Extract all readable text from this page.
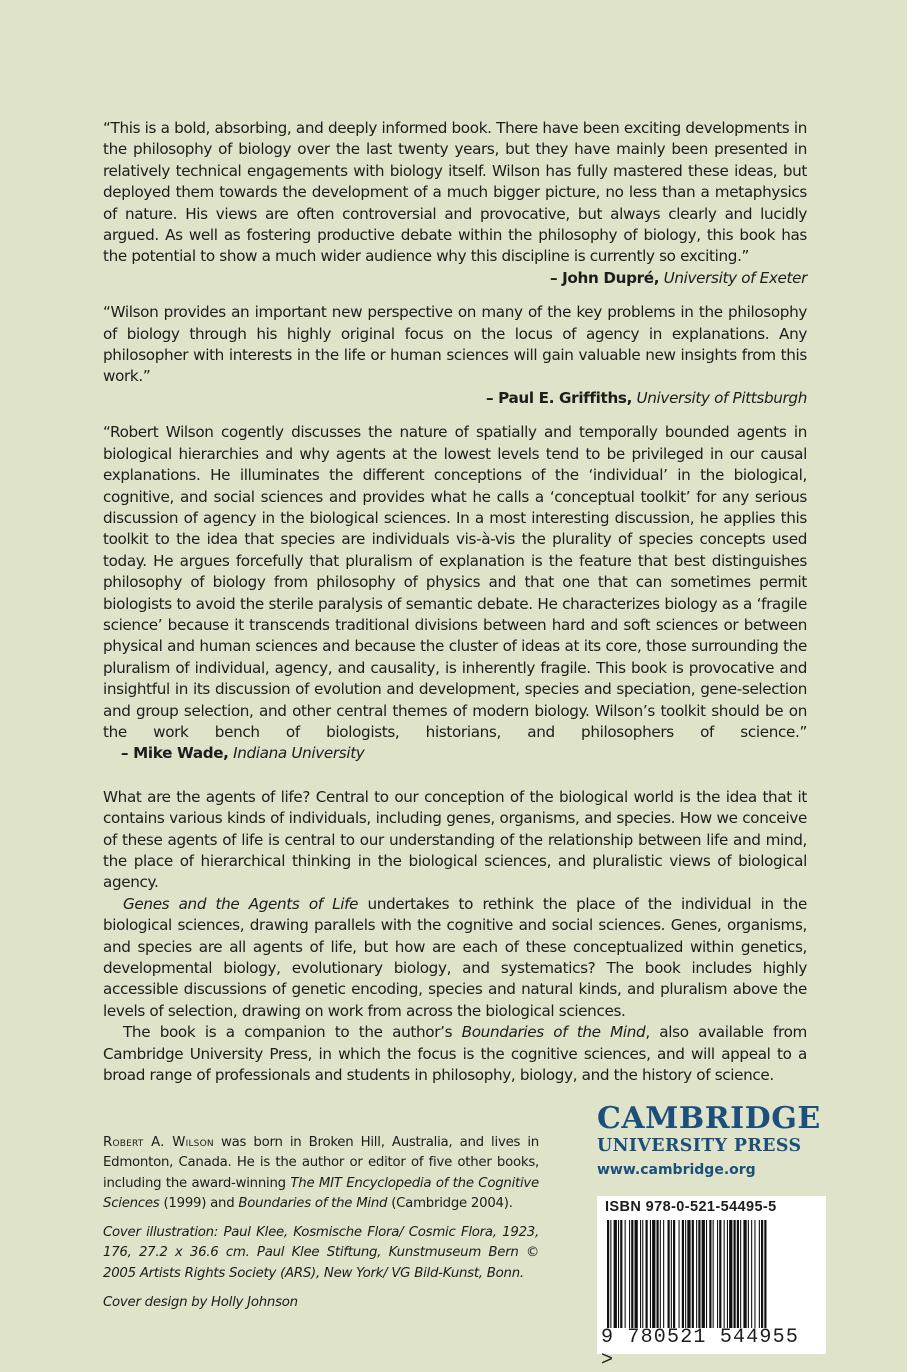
“This is a bold, absorbing, and deeply informed book. There have been exciting developments in the philosophy of biology over the last twenty years, but they have mainly been presented in relatively technical engagements with biology itself. Wilson has fully mastered these ideas, but deployed them towards the development of a much bigger picture, no less than a metaphysics of nature. His views are often controversial and provocative, but always clearly and lucidly argued. As well as fostering productive debate within the philosophy of biology, this book has the potential to show a much wider audience why this discipline is currently so exciting.”
– John Dupré, University of Exeter
“Wilson provides an important new perspective on many of the key problems in the philosophy of biology through his highly original focus on the locus of agency in explanations. Any philosopher with interests in the life or human sciences will gain valuable new insights from this work.”
– Paul E. Griffiths, University of Pittsburgh
“Robert Wilson cogently discusses the nature of spatially and temporally bounded agents in biological hierarchies and why agents at the lowest levels tend to be privileged in our causal explanations. He illuminates the different conceptions of the ‘individual’ in the biological, cognitive, and social sciences and provides what he calls a ‘conceptual toolkit’ for any serious discussion of agency in the biological sciences. In a most interesting discussion, he applies this toolkit to the idea that species are individuals vis-à-vis the plurality of species concepts used today. He argues forcefully that pluralism of explanation is the feature that best distinguishes philosophy of biology from philosophy of physics and that one that can sometimes permit biologists to avoid the sterile paralysis of semantic debate. He characterizes biology as a ‘fragile science’ because it transcends traditional divisions between hard and soft sciences or between physical and human sciences and because the cluster of ideas at its core, those surrounding the pluralism of individual, agency, and causality, is inherently fragile. This book is provocative and insightful in its discussion of evolution and development, species and speciation, gene-selection and group selection, and other central themes of modern biology. Wilson’s toolkit should be on the work bench of biologists, historians, and philosophers of science.”     – Mike Wade, Indiana University

What are the agents of life? Central to our conception of the biological world is the idea that it contains various kinds of individuals, including genes, organisms, and species. How we conceive of these agents of life is central to our understanding of the relationship between life and mind, the place of hierarchical thinking in the biological sciences, and pluralistic views of biological agency.

Genes and the Agents of Life undertakes to rethink the place of the individual in the biological sciences, drawing parallels with the cognitive and social sciences. Genes, organisms, and species are all agents of life, but how are each of these conceptualized within genetics, developmental biology, evolutionary biology, and systematics? The book includes highly accessible discussions of genetic encoding, species and natural kinds, and pluralism above the levels of selection, drawing on work from across the biological sciences.

The book is a companion to the author’s Boundaries of the Mind, also available from Cambridge University Press, in which the focus is the cognitive sciences, and will appeal to a broad range of professionals and students in philosophy, biology, and the history of science.

Robert A. Wilson was born in Broken Hill, Australia, and lives in Edmonton, Canada. He is the author or editor of five other books, including the award-winning The MIT Encyclopedia of the Cognitive Sciences (1999) and Boundaries of the Mind (Cambridge 2004).

Cover illustration: Paul Klee, Kosmische Flora/ Cosmic Flora, 1923, 176, 27.2 x 36.6 cm. Paul Klee Stiftung, Kunstmuseum Bern © 2005 Artists Rights Society (ARS), New York/ VG Bild-Kunst, Bonn.

Cover design by Holly Johnson

CAMBRIDGE
UNIVERSITY PRESS
www.cambridge.org
ISBN 978-0-521-54495-5
9 780521 544955 >
